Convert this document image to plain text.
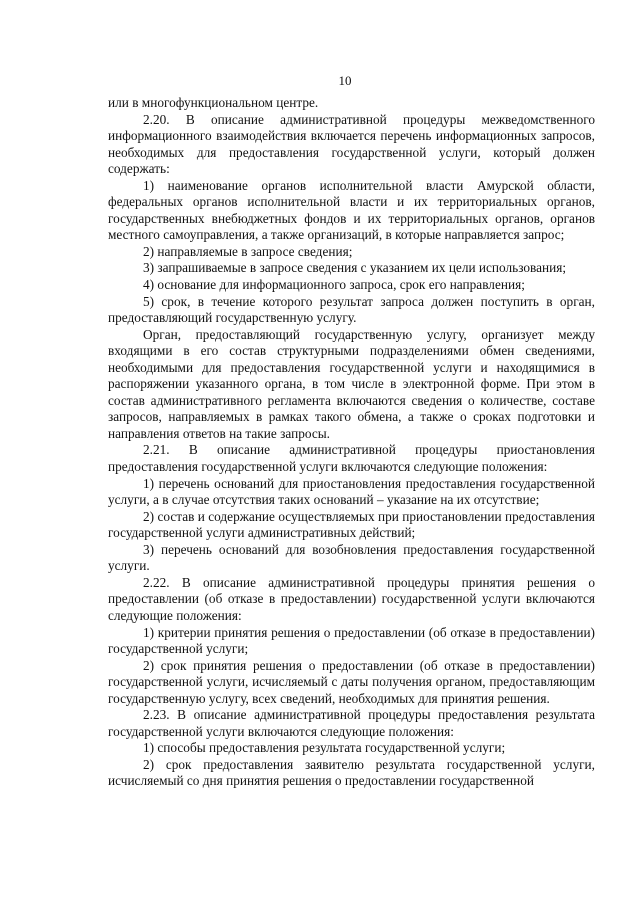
10

или в многофункциональном центре.

2.20. В описание административной процедуры межведомственного информационного взаимодействия включается перечень информационных запросов, необходимых для предоставления государственной услуги, который должен содержать:

1) наименование органов исполнительной власти Амурской области, федеральных органов исполнительной власти и их территориальных органов, государственных внебюджетных фондов и их территориальных органов, органов местного самоуправления, а также организаций, в которые направляется запрос;

2) направляемые в запросе сведения;

3) запрашиваемые в запросе сведения с указанием их цели использования;

4) основание для информационного запроса, срок его направления;

5) срок, в течение которого результат запроса должен поступить в орган, предоставляющий государственную услугу.

Орган, предоставляющий государственную услугу, организует между входящими в его состав структурными подразделениями обмен сведениями, необходимыми для предоставления государственной услуги и находящимися в распоряжении указанного органа, в том числе в электронной форме. При этом в состав административного регламента включаются сведения о количестве, составе запросов, направляемых в рамках такого обмена, а также о сроках подготовки и направления ответов на такие запросы.

2.21. В описание административной процедуры приостановления предоставления государственной услуги включаются следующие положения:

1) перечень оснований для приостановления предоставления государственной услуги, а в случае отсутствия таких оснований – указание на их отсутствие;

2) состав и содержание осуществляемых при приостановлении предоставления государственной услуги административных действий;

3) перечень оснований для возобновления предоставления государственной услуги.

2.22. В описание административной процедуры принятия решения о предоставлении (об отказе в предоставлении) государственной услуги включаются следующие положения:

1) критерии принятия решения о предоставлении (об отказе в предоставлении) государственной услуги;

2) срок принятия решения о предоставлении (об отказе в предоставлении) государственной услуги, исчисляемый с даты получения органом, предоставляющим государственную услугу, всех сведений, необходимых для принятия решения.

2.23. В описание административной процедуры предоставления результата государственной услуги включаются следующие положения:

1) способы предоставления результата государственной услуги;

2) срок предоставления заявителю результата государственной услуги, исчисляемый со дня принятия решения о предоставлении государственной
